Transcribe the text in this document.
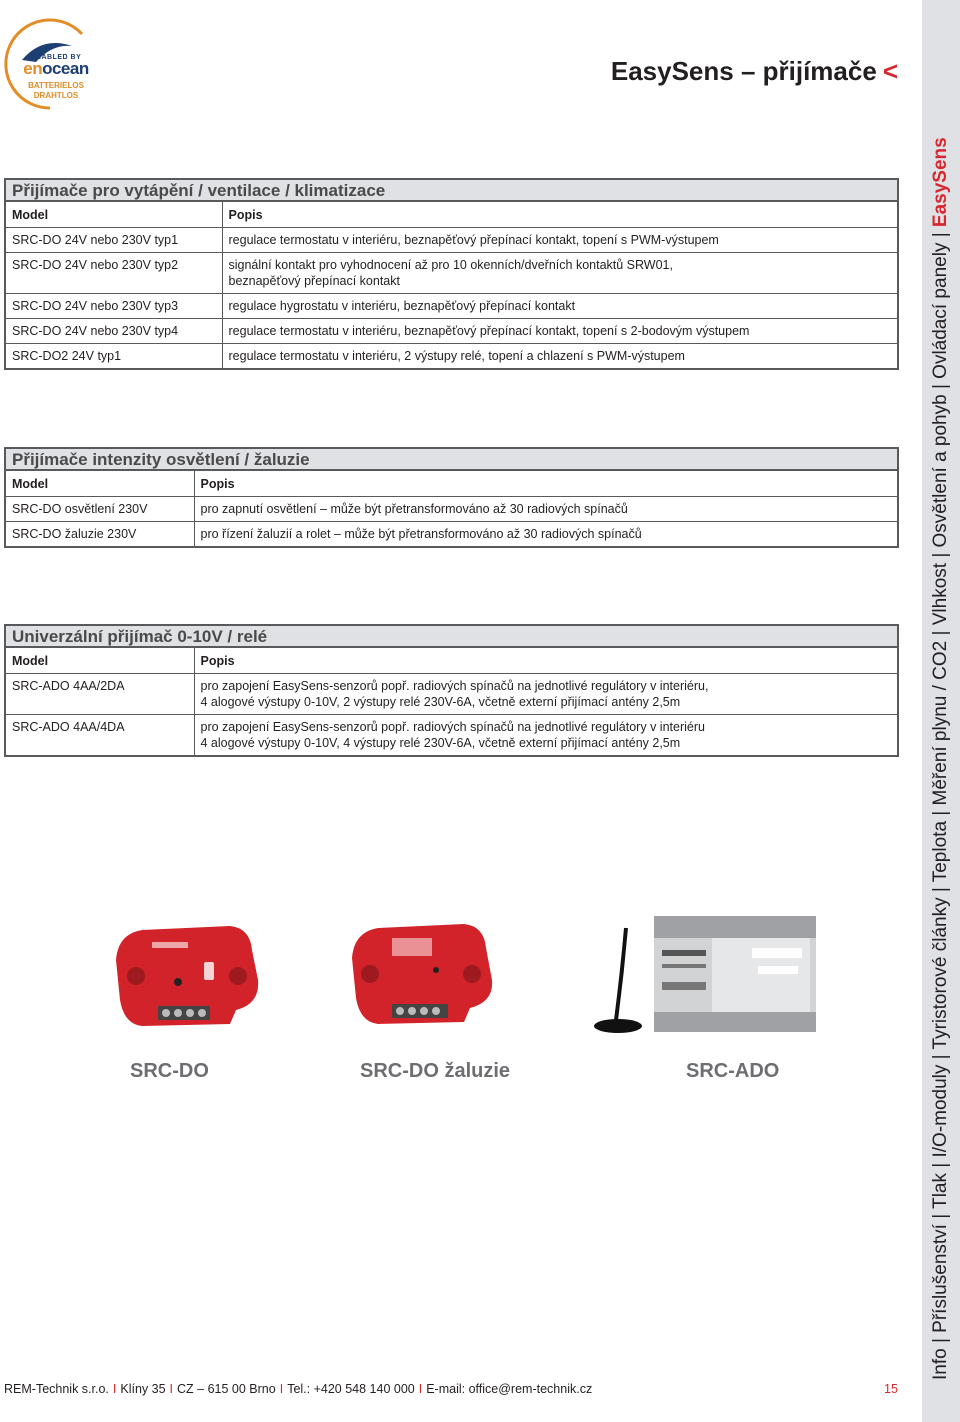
ENABLED BY
enocean
BATTERIELOS
DRAHTLOS
EasySens – přijímače <
Přijímače pro vytápění / ventilace / klimatizace
Model	Popis
SRC-DO 24V nebo 230V typ1	regulace termostatu v interiéru, beznapěťový přepínací kontakt, topení s PWM-výstupem
SRC-DO 24V nebo 230V typ2	signální kontakt pro vyhodnocení až pro 10 okenních/dveřních kontaktů SRW01,
beznapěťový přepínací kontakt

SRC-DO 24V nebo 230V typ3	regulace hygrostatu v interiéru, beznapěťový přepínací kontakt
SRC-DO 24V nebo 230V typ4	regulace termostatu v interiéru, beznapěťový přepínací kontakt, topení s 2-bodovým výstupem
SRC-DO2 24V typ1	regulace termostatu v interiéru, 2 výstupy relé, topení a chlazení s PWM-výstupem
Přijímače intenzity osvětlení / žaluzie
Model	Popis
SRC-DO osvětlení 230V	pro zapnutí osvětlení – může být přetransformováno až 30 radiových spínačů
SRC-DO žaluzie 230V	pro řízení žaluzií a rolet – může být přetransformováno až 30 radiových spínačů
Univerzální přijímač 0-10V / relé
Model	Popis
SRC-ADO 4AA/2DA	pro zapojení EasySens-senzorů popř. radiových spínačů na jednotlivé regulátory v interiéru,
4 alogové výstupy 0-10V, 2 výstupy relé 230V-6A, včetně externí přijímací antény 2,5m

SRC-ADO 4AA/4DA	pro zapojení EasySens-senzorů popř. radiových spínačů na jednotlivé regulátory v interiéru
4 alogové výstupy 0-10V, 4 výstupy relé 230V-6A, včetně externí přijímací antény 2,5m
SRC-DO	SRC-DO žaluzie	SRC-ADO
REM-Technik s.r.o. I Klíny 35 I CZ – 615 00 Brno I Tel.: +420 548 140 000 I E-mail: office@rem-technik.cz	15
Info | Příslušenství | Tlak | I/O-moduly | Tyristorové články | Teplota | Měření plynu / CO2 | Vlhkost | Osvětlení a pohyb | Ovládací panely | EasySens
